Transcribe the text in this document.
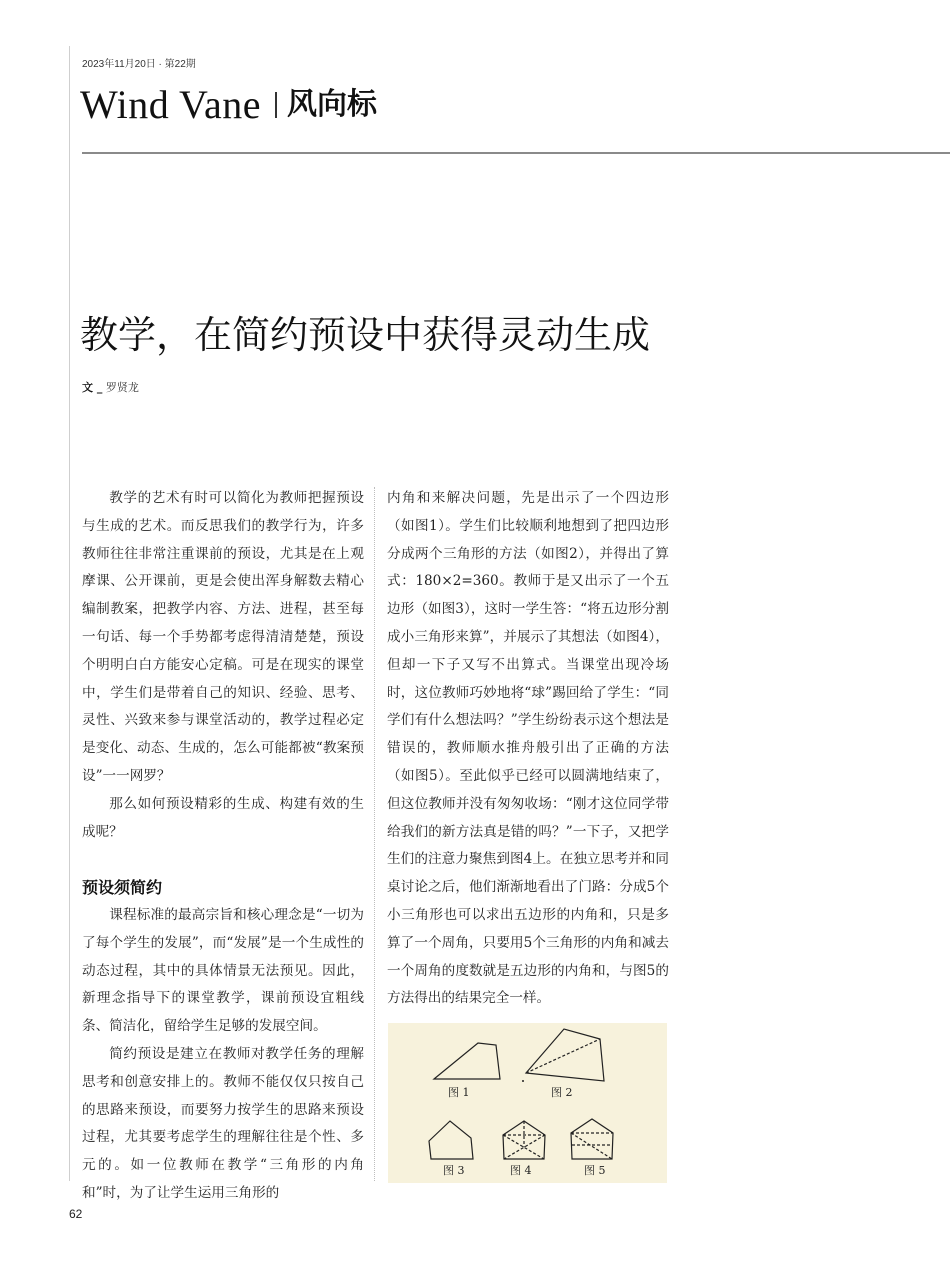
2023年11月20日 · 第22期
Wind Vane 风向标
教学，在简约预设中获得灵动生成
文 _ 罗贤龙

教学的艺术有时可以简化为教师把握预设与生成的艺术。而反思我们的教学行为，许多教师往往非常注重课前的预设，尤其是在上观摩课、公开课前，更是会使出浑身解数去精心编制教案，把教学内容、方法、进程，甚至每一句话、每一个手势都考虑得清清楚楚，预设个明明白白方能安心定稿。可是在现实的课堂中，学生们是带着自己的知识、经验、思考、灵性、兴致来参与课堂活动的，教学过程必定是变化、动态、生成的，怎么可能都被“教案预设”一一网罗？

那么如何预设精彩的生成、构建有效的生成呢？

预设须简约

课程标准的最高宗旨和核心理念是“一切为了每个学生的发展”，而“发展”是一个生成性的动态过程，其中的具体情景无法预见。因此，新理念指导下的课堂教学，课前预设宜粗线条、简洁化，留给学生足够的发展空间。

简约预设是建立在教师对教学任务的理解思考和创意安排上的。教师不能仅仅只按自己的思路来预设，而要努力按学生的思路来预设过程，尤其要考虑学生的理解往往是个性、多元的。如一位教师在教学“三角形的内角和”时，为了让学生运用三角形的

内角和来解决问题，先是出示了一个四边形（如图1）。学生们比较顺利地想到了把四边形分成两个三角形的方法（如图2），并得出了算式：180×2=360。教师于是又出示了一个五边形（如图3），这时一学生答：“将五边形分割成小三角形来算”，并展示了其想法（如图4），但却一下子又写不出算式。当课堂出现冷场时，这位教师巧妙地将“球”踢回给了学生：“同学们有什么想法吗？”学生纷纷表示这个想法是错误的，教师顺水推舟般引出了正确的方法（如图5）。至此似乎已经可以圆满地结束了，但这位教师并没有匆匆收场：“刚才这位同学带给我们的新方法真是错的吗？”一下子，又把学生们的注意力聚焦到图4上。在独立思考并和同桌讨论之后，他们渐渐地看出了门路：分成5个小三角形也可以求出五边形的内角和，只是多算了一个周角，只要用5个三角形的内角和减去一个周角的度数就是五边形的内角和，与图5的方法得出的结果完全一样。

图 1	图 2
图 3	图 4	图 5
62
